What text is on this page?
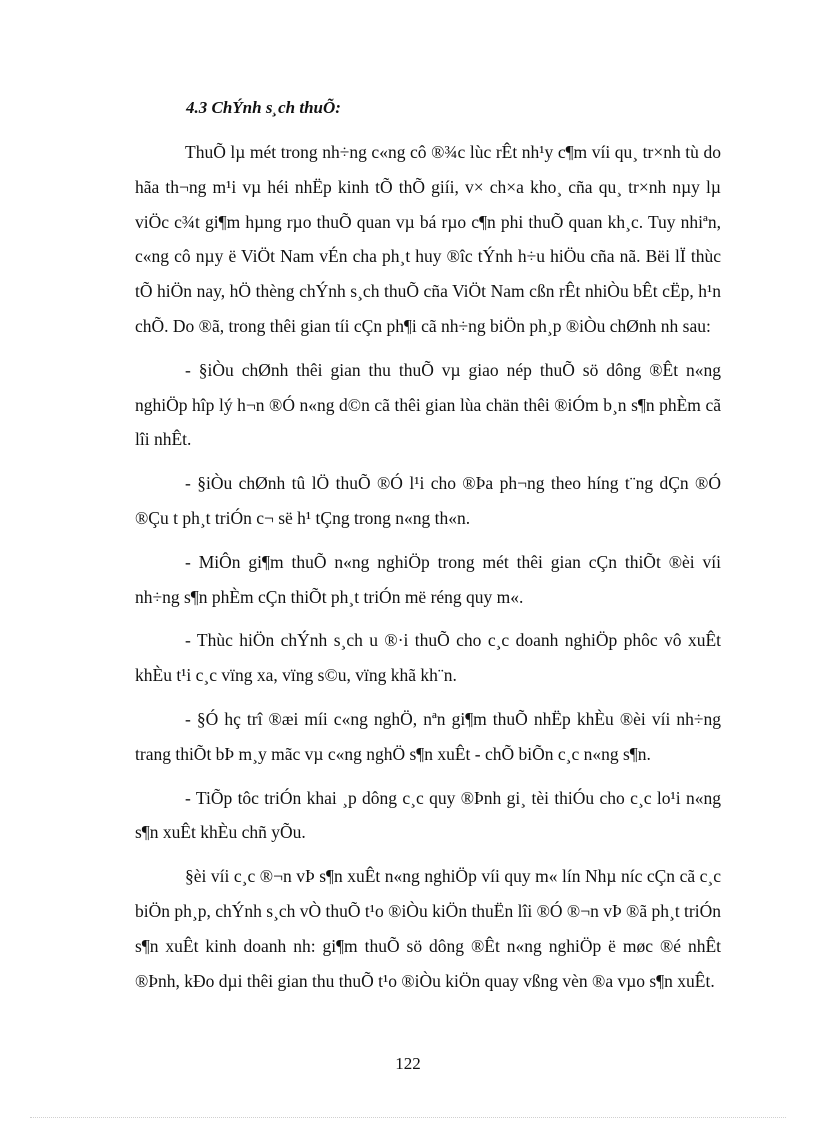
4.3 ChÝnh s¸ch thuÕ:

ThuÕ lµ mét trong nh÷ng c«ng cô ®¾c lùc rÊt nh¹y c¶m víi qu¸ tr×nh tù do hãa th¬ng m¹i vµ héi nhËp kinh tÕ thÕ giíi, v× ch×a kho¸ cña qu¸ tr×nh nµy lµ viÖc c¾t gi¶m hµng rµo thuÕ quan vµ bá rµo c¶n phi thuÕ quan kh¸c. Tuy nhiªn, c«ng cô nµy ë ViÖt Nam vÉn cha ph¸t huy ®îc tÝnh h÷u hiÖu cña nã. Bëi lÏ thùc tÕ hiÖn nay, hÖ thèng chÝnh s¸ch thuÕ cña ViÖt Nam cßn rÊt nhiÒu bÊt cËp, h¹n chÕ. Do ®ã, trong thêi gian tíi cÇn ph¶i cã nh÷ng biÖn ph¸p ®iÒu chØnh nh sau:

- §iÒu chØnh thêi gian thu thuÕ vµ giao nép thuÕ sö dông ®Êt n«ng nghiÖp hîp lý h¬n ®Ó n«ng d©n cã thêi gian lùa chän thêi ®iÓm b¸n s¶n phÈm cã lîi nhÊt.

- §iÒu chØnh tû lÖ thuÕ ®Ó l¹i cho ®Þa ph¬ng theo híng t¨ng dÇn ®Ó ®Çu t ph¸t triÓn c¬ së h¹ tÇng trong n«ng th«n.

- MiÔn gi¶m thuÕ n«ng nghiÖp trong mét thêi gian cÇn thiÕt ®èi víi nh÷ng s¶n phÈm cÇn thiÕt ph¸t triÓn më réng quy m«.

- Thùc hiÖn chÝnh s¸ch u ®·i thuÕ cho c¸c doanh nghiÖp phôc vô xuÊt khÈu t¹i c¸c vïng xa, vïng s©u, vïng khã kh¨n.

- §Ó hç trî ®æi míi c«ng nghÖ, nªn gi¶m thuÕ nhËp khÈu ®èi víi nh÷ng trang thiÕt bÞ m¸y mãc vµ c«ng nghÖ s¶n xuÊt - chÕ biÕn c¸c n«ng s¶n.

- TiÕp tôc triÓn khai ¸p dông c¸c quy ®Þnh gi¸ tèi thiÓu cho c¸c lo¹i n«ng s¶n xuÊt khÈu chñ yÕu.

§èi víi c¸c ®¬n vÞ s¶n xuÊt n«ng nghiÖp víi quy m« lín Nhµ níc cÇn cã c¸c biÖn ph¸p, chÝnh s¸ch vÒ thuÕ t¹o ®iÒu kiÖn thuËn lîi ®Ó ®¬n vÞ ®ã ph¸t triÓn s¶n xuÊt kinh doanh nh: gi¶m thuÕ sö dông ®Êt n«ng nghiÖp ë møc ®é nhÊt ®Þnh, kÐo dµi thêi gian thu thuÕ t¹o ®iÒu kiÖn quay vßng vèn ®a vµo s¶n xuÊt.

122
